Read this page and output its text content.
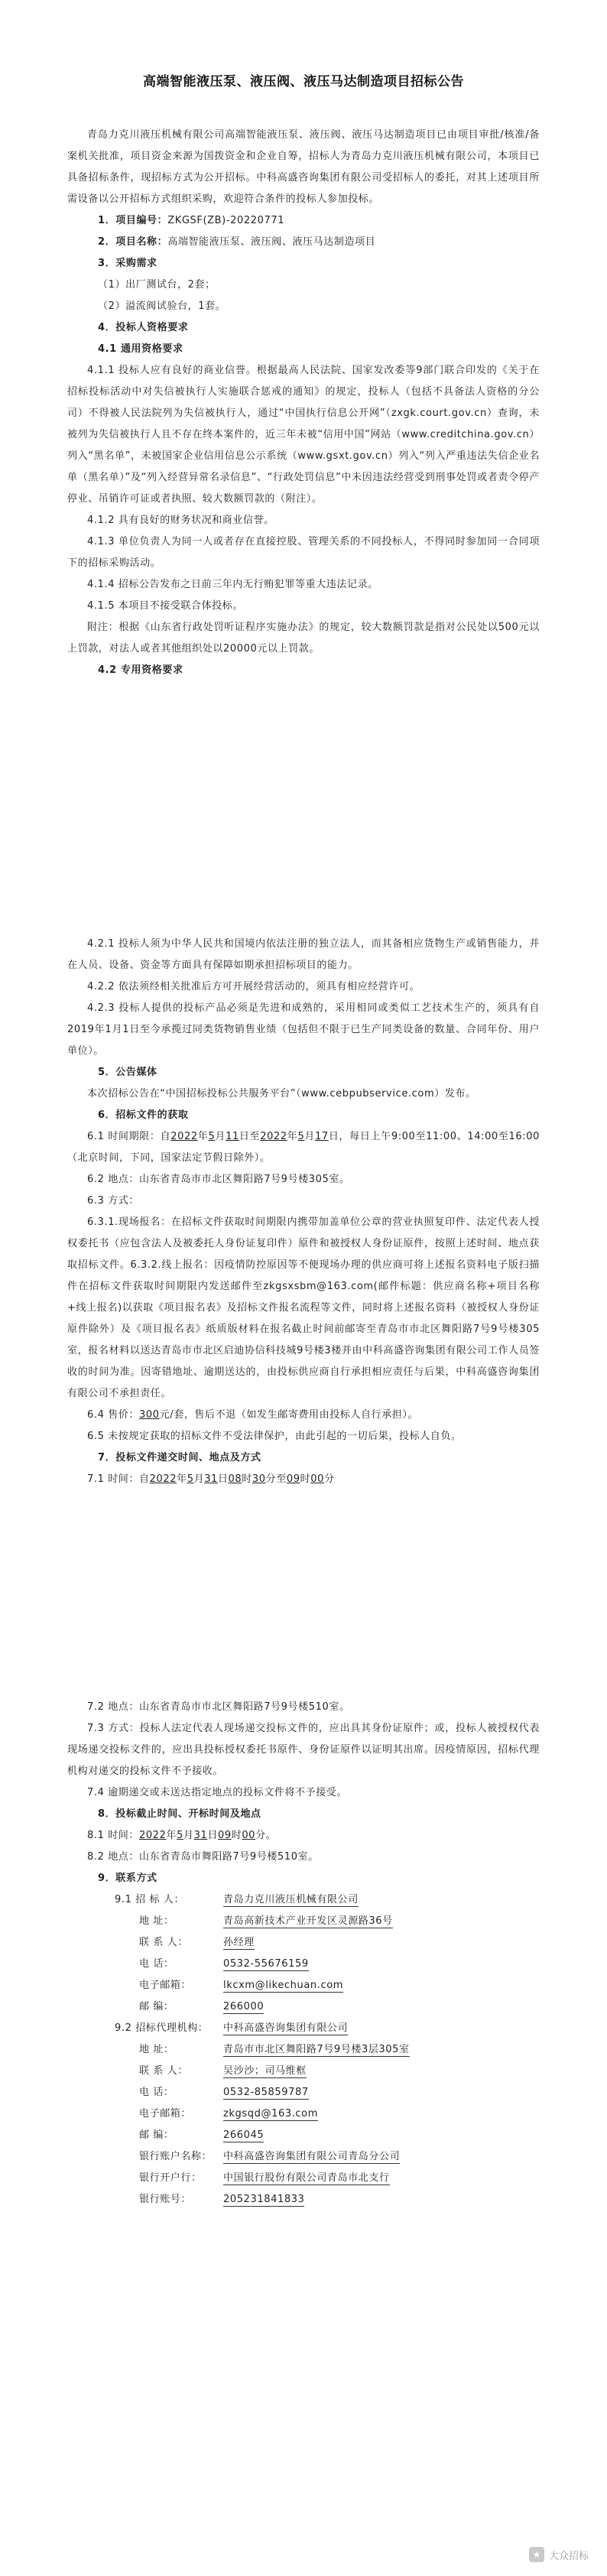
高端智能液压泵、液压阀、液压马达制造项目招标公告

青岛力克川液压机械有限公司高端智能液压泵、液压阀、液压马达制造项目已由项目审批/核准/备案机关批准，项目资金来源为国拨资金和企业自筹，招标人为青岛力克川液压机械有限公司，本项目已具备招标条件，现招标方式为公开招标。中科高盛咨询集团有限公司受招标人的委托，对其上述项目所需设备以公开招标方式组织采购，欢迎符合条件的投标人参加投标。

1．项目编号：ZKGSF(ZB)-20220771

2．项目名称：高端智能液压泵、液压阀、液压马达制造项目

3．采购需求

（1）出厂测试台，2套；

（2）溢流阀试验台，1套。

4．投标人资格要求

4.1 通用资格要求

4.1.1 投标人应有良好的商业信誉。根据最高人民法院、国家发改委等9部门联合印发的《关于在招标投标活动中对失信被执行人实施联合惩戒的通知》的规定，投标人（包括不具备法人资格的分公司）不得被人民法院列为失信被执行人，通过“中国执行信息公开网”（zxgk.court.gov.cn）查询，未被列为失信被执行人且不存在终本案件的，近三年未被“信用中国”网站（www.creditchina.gov.cn）列入“黑名单”，未被国家企业信用信息公示系统（www.gsxt.gov.cn）列入“列入严重违法失信企业名单（黑名单）”及“列入经营异常名录信息”、“行政处罚信息”中未因违法经营受到刑事处罚或者责令停产停业、吊销许可证或者执照、较大数额罚款的（附注）。

4.1.2 具有良好的财务状况和商业信誉。

4.1.3 单位负责人为同一人或者存在直接控股、管理关系的不同投标人，不得同时参加同一合同项下的招标采购活动。

4.1.4 招标公告发布之日前三年内无行贿犯罪等重大违法记录。

4.1.5 本项目不接受联合体投标。

附注：根据《山东省行政处罚听证程序实施办法》的规定，较大数额罚款是指对公民处以500元以上罚款，对法人或者其他组织处以20000元以上罚款。

4.2 专用资格要求

4.2.1 投标人须为中华人民共和国境内依法注册的独立法人，而其备相应货物生产或销售能力，并在人员、设备、资金等方面具有保障如期承担招标项目的能力。

4.2.2 依法须经相关批准后方可开展经营活动的，须具有相应经营许可。

4.2.3 投标人提供的投标产品必须是先进和成熟的，采用相同或类似工艺技术生产的，须具有自2019年1月1日至今承揽过同类货物销售业绩（包括但不限于已生产同类设备的数量、合同年份、用户单位）。

5．公告媒体

本次招标公告在“中国招标投标公共服务平台”（www.cebpubservice.com）发布。

6．招标文件的获取

6.1 时间期限：自2022年5月11日至2022年5月17日，每日上午9:00至11:00、14:00至16:00（北京时间，下同，国家法定节假日除外）。

6.2 地点：山东省青岛市市北区舞阳路7号9号楼305室。

6.3 方式：

6.3.1.现场报名：在招标文件获取时间期限内携带加盖单位公章的营业执照复印件、法定代表人授权委托书（应包含法人及被委托人身份证复印件）原件和被授权人身份证原件，按照上述时间、地点获取招标文件。6.3.2.线上报名：因疫情防控原因等不便现场办理的供应商可将上述报名资料电子版扫描件在招标文件获取时间期限内发送邮件至zkgsxsbm@163.com(邮件标题：供应商名称+项目名称+线上报名)以获取《项目报名表》及招标文件报名流程等文件，同时将上述报名资料（被授权人身份证原件除外）及《项目报名表》纸质版材料在报名截止时间前邮寄至青岛市市北区舞阳路7号9号楼305室，报名材料以送达青岛市市北区启迪协信科技城9号楼3楼并由中科高盛咨询集团有限公司工作人员签收的时间为准。因寄错地址、逾期送达的，由投标供应商自行承担相应责任与后果，中科高盛咨询集团有限公司不承担责任。

6.4 售价：300元/套，售后不退（如发生邮寄费用由投标人自行承担）。

6.5 未按规定获取的招标文件不受法律保护，由此引起的一切后果，投标人自负。

7．投标文件递交时间、地点及方式

7.1 时间：自2022年5月31日08时30分至09时00分

7.2 地点：山东省青岛市市北区舞阳路7号9号楼510室。

7.3 方式：投标人法定代表人现场递交投标文件的，应出具其身份证原件；或，投标人被授权代表现场递交投标文件的，应出具投标授权委托书原件、身份证原件以证明其出席。因疫情原因，招标代理机构对递交的投标文件不予接收。

7.4 逾期递交或未送达指定地点的投标文件将不予接受。

8．投标截止时间、开标时间及地点

8.1 时间：2022年5月31日09时00分。

8.2 地点：山东省青岛市舞阳路7号9号楼510室。

9．联系方式

9.1 招 标 人：	青岛力克川液压机械有限公司
地 址：	青岛高新技术产业开发区灵源路36号
联 系 人：	孙经理
电 话：	0532-55676159
电子邮箱：	lkcxm@likechuan.com
邮 编：	266000
9.2 招标代理机构：	中科高盛咨询集团有限公司
地 址：	青岛市市北区舞阳路7号9号楼3层305室
联 系 人：	吴沙沙；司马维框
电 话：	0532-85859787
电子邮箱：	zkgsqd@163.com
邮 编：	266045
银行账户名称：	中科高盛咨询集团有限公司青岛分公司
银行开户行：	中国银行股份有限公司青岛市北支行
银行账号：	205231841833
★ 大众招标
